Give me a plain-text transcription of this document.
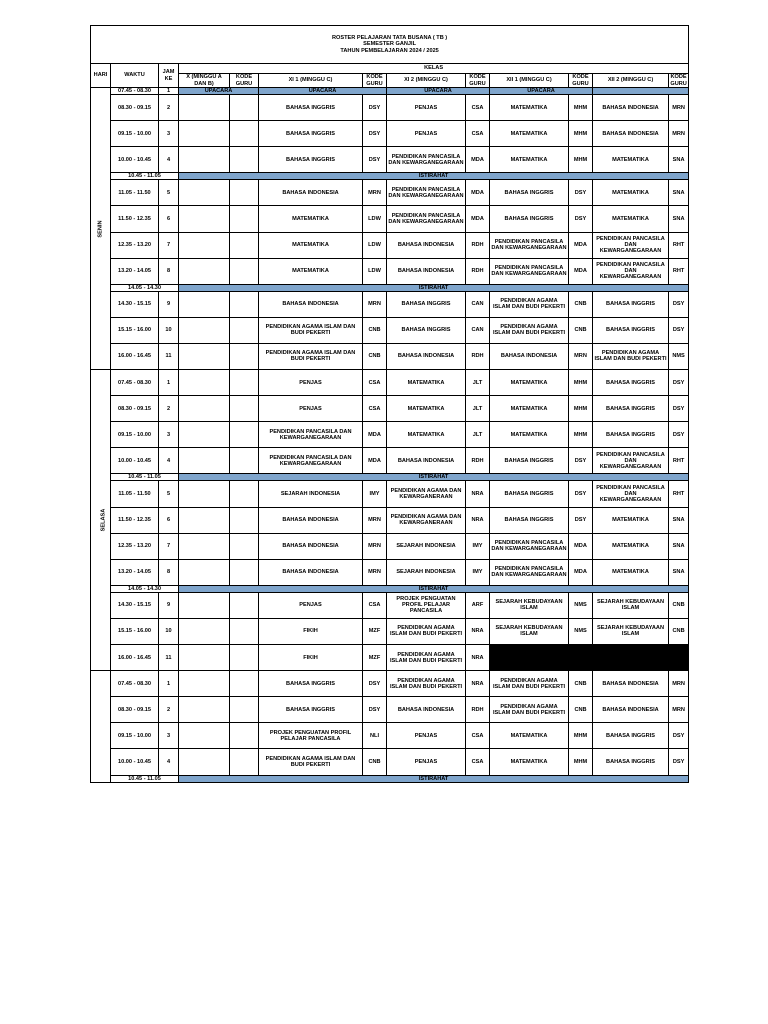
ROSTER PELAJARAN TATA BUSANA ( TB )
SEMESTER GANJIL
TAHUN PEMBELAJARAN 2024 / 2025												

HARI	WAKTU	JAM KE	KELAS									
			X (MINGGU A DAN B)	KODE GURU	XI 1 (MINGGU C)	KODE GURU	XI 2 (MINGGU C)	KODE GURU	XII 1 (MINGGU C)	KODE GURU	XII 2 (MINGGU C)	KODE GURU
SENIN	07.45 - 08.30	1	UPACARA		UPACARA		UPACARA		UPACARA			
	08.30 - 09.15	2			BAHASA INGGRIS	DSY	PENJAS	CSA	MATEMATIKA	MHM	BAHASA INDONESIA	MRN
	09.15 - 10.00	3			BAHASA INGGRIS	DSY	PENJAS	CSA	MATEMATIKA	MHM	BAHASA INDONESIA	MRN
	10.00 - 10.45	4			BAHASA INGGRIS	DSY	PENDIDIKAN PANCASILA DAN KEWARGANEGARAAN	MDA	MATEMATIKA	MHM	MATEMATIKA	SNA
	10.45 - 11.05		ISTIRAHAT									
	11.05 - 11.50	5			BAHASA INDONESIA	MRN	PENDIDIKAN PANCASILA DAN KEWARGANEGARAAN	MDA	BAHASA INGGRIS	DSY	MATEMATIKA	SNA
	11.50 - 12.35	6			MATEMATIKA	LDW	PENDIDIKAN PANCASILA DAN KEWARGANEGARAAN	MDA	BAHASA INGGRIS	DSY	MATEMATIKA	SNA
	12.35 - 13.20	7			MATEMATIKA	LDW	BAHASA INDONESIA	RDH	PENDIDIKAN PANCASILA DAN KEWARGANEGARAAN	MDA	PENDIDIKAN PANCASILA DAN KEWARGANEGARAAN	RHT
	13.20 - 14.05	8			MATEMATIKA	LDW	BAHASA INDONESIA	RDH	PENDIDIKAN PANCASILA DAN KEWARGANEGARAAN	MDA	PENDIDIKAN PANCASILA DAN KEWARGANEGARAAN	RHT
	14.05 - 14.30		ISTIRAHAT									
	14.30 - 15.15	9			BAHASA INDONESIA	MRN	BAHASA INGGRIS	CAN	PENDIDIKAN AGAMA ISLAM DAN BUDI PEKERTI	CNB	BAHASA INGGRIS	DSY
	15.15 - 16.00	10			PENDIDIKAN AGAMA ISLAM DAN BUDI PEKERTI	CNB	BAHASA INGGRIS	CAN	PENDIDIKAN AGAMA ISLAM DAN BUDI PEKERTI	CNB	BAHASA INGGRIS	DSY
	16.00 - 16.45	11			PENDIDIKAN AGAMA ISLAM DAN BUDI PEKERTI	CNB	BAHASA INDONESIA	RDH	BAHASA INDONESIA	MRN	PENDIDIKAN AGAMA ISLAM DAN BUDI PEKERTI	NMS
SELASA	07.45 - 08.30	1			PENJAS	CSA	MATEMATIKA	JLT	MATEMATIKA	MHM	BAHASA INGGRIS	DSY
	08.30 - 09.15	2			PENJAS	CSA	MATEMATIKA	JLT	MATEMATIKA	MHM	BAHASA INGGRIS	DSY
	09.15 - 10.00	3			PENDIDIKAN PANCASILA DAN KEWARGANEGARAAN	MDA	MATEMATIKA	JLT	MATEMATIKA	MHM	BAHASA INGGRIS	DSY
	10.00 - 10.45	4			PENDIDIKAN PANCASILA DAN KEWARGANEGARAAN	MDA	BAHASA INDONESIA	RDH	BAHASA INGGRIS	DSY	PENDIDIKAN PANCASILA DAN KEWARGANEGARAAN	RHT
	10.45 - 11.05		ISTIRAHAT									
	11.05 - 11.50	5			SEJARAH INDONESIA	IMY	PENDIDIKAN AGAMA DAN KEWARGANERAAN	NRA	BAHASA INGGRIS	DSY	PENDIDIKAN PANCASILA DAN KEWARGANEGARAAN	RHT
	11.50 - 12.35	6			BAHASA INDONESIA	MRN	PENDIDIKAN AGAMA DAN KEWARGANERAAN	NRA	BAHASA INGGRIS	DSY	MATEMATIKA	SNA
	12.35 - 13.20	7			BAHASA INDONESIA	MRN	SEJARAH INDONESIA	IMY	PENDIDIKAN PANCASILA DAN KEWARGANEGARAAN	MDA	MATEMATIKA	SNA
	13.20 - 14.05	8			BAHASA INDONESIA	MRN	SEJARAH INDONESIA	IMY	PENDIDIKAN PANCASILA DAN KEWARGANEGARAAN	MDA	MATEMATIKA	SNA
	14.05 - 14.30		ISTIRAHAT									
	14.30 - 15.15	9			PENJAS	CSA	PROJEK PENGUATAN PROFIL PELAJAR PANCASILA	ARF	SEJARAH KEBUDAYAAN ISLAM	NMS	SEJARAH KEBUDAYAAN ISLAM	CNB
	15.15 - 16.00	10			FIKIH	MZF	PENDIDIKAN AGAMA ISLAM DAN BUDI PEKERTI	NRA	SEJARAH KEBUDAYAAN ISLAM	NMS	SEJARAH KEBUDAYAAN ISLAM	CNB
	16.00 - 16.45	11			FIKIH	MZF	PENDIDIKAN AGAMA ISLAM DAN BUDI PEKERTI	NRA				
	07.45 - 08.30	1			BAHASA INGGRIS	DSY	PENDIDIKAN AGAMA ISLAM DAN BUDI PEKERTI	NRA	PENDIDIKAN AGAMA ISLAM DAN BUDI PEKERTI	CNB	BAHASA INDONESIA	MRN
	08.30 - 09.15	2			BAHASA INGGRIS	DSY	BAHASA INDONESIA	RDH	PENDIDIKAN AGAMA ISLAM DAN BUDI PEKERTI	CNB	BAHASA INDONESIA	MRN
	09.15 - 10.00	3			PROJEK PENGUATAN PROFIL PELAJAR PANCASILA	NLI	PENJAS	CSA	MATEMATIKA	MHM	BAHASA INGGRIS	DSY
	10.00 - 10.45	4			PENDIDIKAN AGAMA ISLAM DAN BUDI PEKERTI	CNB	PENJAS	CSA	MATEMATIKA	MHM	BAHASA INGGRIS	DSY
	10.45 - 11.05		ISTIRAHAT									
